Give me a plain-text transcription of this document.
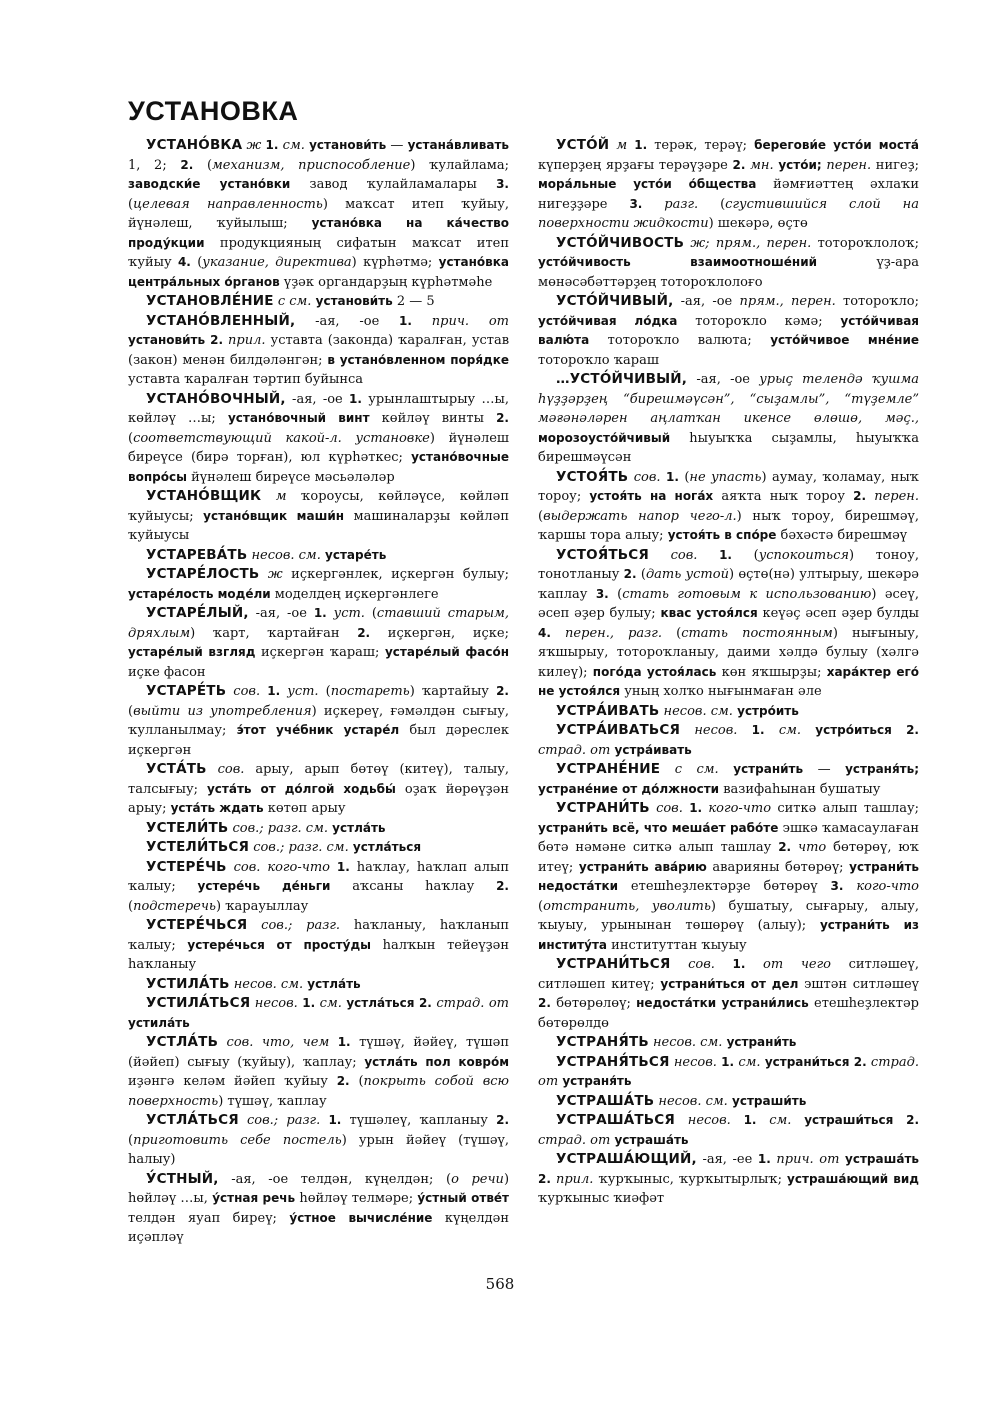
УСТАНОВКА

УСТАНО́ВКА ж 1. см. установи́ть — устана́вливать 1, 2; 2. (механизм, приспособление) ҡулайлама; заводски́е устано́вки завод ҡулайламалары 3. (целевая направленность) маҡсат итеп ҡуйыу, йүнәлеш, ҡуйылыш; устано́вка на ка́чество проду́кции продукцияның сифатын маҡсат итеп ҡуйыу 4. (указание, директива) күрһәтмә; устано́вка центра́льных о́рганов үҙәк органдарҙың күрһәтмәһе

УСТАНОВЛЕ́НИЕ с см. установи́ть 2 — 5

УСТАНО́ВЛЕННЫЙ, -ая, -ое 1. прич. от установи́ть 2. прил. уставта (законда) ҡаралған, устав (закон) менән билдәләнгән; в устано́вленном поря́дке уставта ҡаралған тәртип буйынса

УСТАНО́ВОЧНЫЙ, -ая, -ое 1. урынлаштырыу …ы, көйләү …ы; устано́вочный винт көйләү винты 2. (соответствующий какой-л. установке) йүнәлеш биреүсе (бирә торған), юл күрһәткес; устано́вочные вопро́сы йүнәлеш биреүсе мәсьәләләр

УСТАНО́ВЩИК м ҡороусы, көйләүсе, көйләп ҡуйыусы; устано́вщик маши́н машиналарҙы көйләп ҡуйыусы

УСТАРЕВА́ТЬ несов. см. устаре́ть

УСТАРЕ́ЛОСТЬ ж иҫкергәнлек, иҫкергән булыу; устаре́лость моде́ли моделдең иҫкергәнлеге

УСТАРЕ́ЛЫЙ, -ая, -ое 1. уст. (ставший старым, дряхлым) ҡарт, ҡартайған 2. иҫкергән, иҫке; устаре́лый взгляд иҫкергән ҡараш; устаре́лый фасо́н иҫке фасон

УСТАРЕ́ТЬ сов. 1. уст. (постареть) ҡартайыу 2. (выйти из употребления) иҫкереү, ғәмәлдән сығыу, ҡулланылмау; э́тот уче́бник устаре́л был дәреслек иҫкергән

УСТА́ТЬ сов. арыу, арып бөтөү (китеү), талыу, талсығыу; уста́ть от до́лгой ходьбы́ оҙаҡ йөрөүҙән арыу; уста́ть ждать көтөп арыу

УСТЕЛИ́ТЬ сов.; разг. см. устла́ть

УСТЕЛИ́ТЬСЯ сов.; разг. см. устла́ться

УСТЕРЕ́ЧЬ сов. кого-что 1. һаҡлау, һаҡлап алып ҡалыу; устере́чь де́ньги аҡсаны һаҡлау 2. (подстеречь) ҡарауыллау

УСТЕРЕ́ЧЬСЯ сов.; разг. һаҡланыу, һаҡланып ҡалыу; устере́чься от просту́ды һалҡын тейеүҙән һаҡланыу

УСТИЛА́ТЬ несов. см. устла́ть

УСТИЛА́ТЬСЯ несов. 1. см. устла́ться 2. страд. от устила́ть

УСТЛА́ТЬ сов. что, чем 1. түшәү, йәйеү, түшәп (йәйеп) сығыу (ҡуйыу), ҡаплау; устла́ть пол ковро́м иҙәнгә келәм йәйеп ҡуйыу 2. (покрыть собой всю поверхность) түшәү, ҡаплау

УСТЛА́ТЬСЯ сов.; разг. 1. түшәлеү, ҡапланыу 2. (приготовить себе постель) урын йәйеү (түшәү, һалыу)

У́СТНЫЙ, -ая, -ое телдән, күңелдән; (о речи) һөйләү …ы, у́стная речь һөйләү телмәре; у́стный отве́т телдән яуап биреү; у́стное вычисле́ние күңелдән иҫәпләү

УСТО́Й м 1. терәк, терәү; берегови́е усто́и моста́ күперҙең ярҙағы терәүҙәре 2. мн. усто́и; перен. нигеҙ; мора́льные усто́и о́бщества йәмғиәттең әхлаҡи нигеҙҙәре 3. разг. (сгустившийся слой на поверхности жидкости) шекәрә, өҫтө

УСТО́ЙЧИВОСТЬ ж; прям., перен. тотороҡлолоҡ; усто́йчивость взаимоотноше́ний үҙ-ара мөнәсәбәттәрҙең тотороҡлолоғо

УСТО́ЙЧИВЫЙ, -ая, -ое прям., перен. тотороҡло; усто́йчивая ло́дка тотороҡло кәмә; усто́йчивая валю́та тотороҡло валюта; усто́йчивое мне́ние тотороҡло ҡараш

…УСТО́ЙЧИВЫЙ, -ая, -ое урыҫ телендә ҡушма һүҙҙәрҙең “бирешмәүсән”, “сыҙамлы”, “түҙемле” мәғәнәләрен аңлатҡан икенсе өлөшө, мәҫ., морозоусто́йчивый һыуыҡҡа сыҙамлы, һыуыҡҡа бирешмәүсән

УСТОЯ́ТЬ сов. 1. (не упасть) аумау, ҡоламау, ныҡ тороу; устоя́ть на нога́х аяҡта ныҡ тороу 2. перен. (выдержать напор чего-л.) ныҡ тороу, бирешмәү, ҡаршы тора алыу; устоя́ть в спо́ре бәхәстә бирешмәү

УСТОЯ́ТЬСЯ сов. 1. (успокоиться) тоноу, тонотланыу 2. (дать устой) өҫтө(нә) ултырыу, шекәрә ҡаплау 3. (стать готовым к использованию) әсеү, әсеп әҙер булыу; квас устоя́лся кеүәҫ әсеп әҙер булды 4. перен., разг. (стать постоянным) нығыныу, яҡшырыу, тотороҡланыу, даими хәлдә булыу (хәлгә килеү); пого́да устоя́лась көн яҡшырҙы; хара́ктер его́ не устоя́лся уның холҡо нығынмаған әле

УСТРА́ИВАТЬ несов. см. устро́ить

УСТРА́ИВАТЬСЯ несов. 1. см. устро́иться 2. страд. от устра́ивать

УСТРАНЕ́НИЕ с см. устрани́ть — устраня́ть; устране́ние от до́лжности вазифаһынан бушатыу

УСТРАНИ́ТЬ сов. 1. кого-что ситкә алып ташлау; устрани́ть всё, что меша́ет рабо́те эшкә ҡамасаулаған бөтә нәмәне ситкә алып ташлау 2. что бөтөрөү, юҡ итеү; устрани́ть ава́рию аварияны бөтөрөү; устрани́ть недоста́тки етешһеҙлектәрҙе бөтөрөү 3. кого-что (отстранить, уволить) бушатыу, сығарыу, алыу, ҡыуыу, урынынан төшөрөү (алыу); устрани́ть из институ́та институттан ҡыуыу

УСТРАНИ́ТЬСЯ сов. 1. от чего ситләшеү, ситләшеп китеү; устрани́ться от дел эштән ситләшеү 2. бөтөрөлөү; недоста́тки устрани́лись етешһеҙлектәр бөтөрөлдө

УСТРАНЯ́ТЬ несов. см. устрани́ть

УСТРАНЯ́ТЬСЯ несов. 1. см. устрани́ться 2. страд. от устраня́ть

УСТРАША́ТЬ несов. см. устраши́ть

УСТРАША́ТЬСЯ несов. 1. см. устраши́ться 2. страд. от устраша́ть

УСТРАША́ЮЩИЙ, -ая, -ее 1. прич. от устраша́ть 2. прил. ҡурҡыныс, ҡурҡытырлыҡ; устраша́ющий вид ҡурҡыныс ҡиәфәт

568
